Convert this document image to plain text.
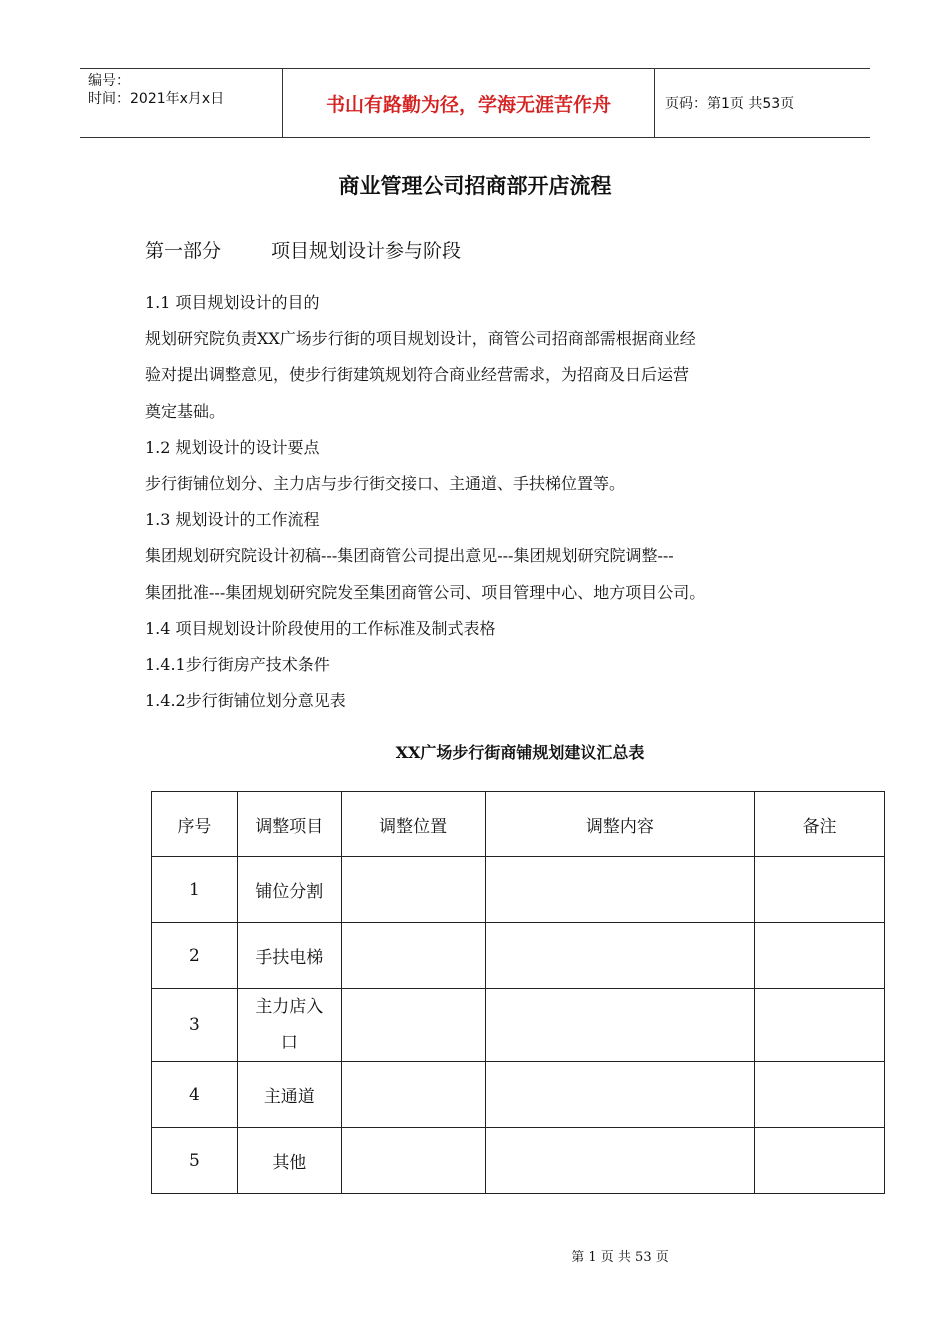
编号：
时间：2021年x月x日	书山有路勤为径，学海无涯苦作舟	页码：第1页 共53页
商业管理公司招商部开店流程
第一部分	项目规划设计参与阶段

1.1 项目规划设计的目的

规划研究院负责XX广场步行街的项目规划设计，商管公司招商部需根据商业经

验对提出调整意见，使步行街建筑规划符合商业经营需求，为招商及日后运营

奠定基础。

1.2 规划设计的设计要点

步行街铺位划分、主力店与步行街交接口、主通道、手扶梯位置等。

1.3 规划设计的工作流程

集团规划研究院设计初稿---集团商管公司提出意见---集团规划研究院调整---

集团批准---集团规划研究院发至集团商管公司、项目管理中心、地方项目公司。

1.4 项目规划设计阶段使用的工作标准及制式表格

1.4.1步行街房产技术条件

1.4.2步行街铺位划分意见表

XX广场步行街商铺规划建议汇总表
序号	调整项目	调整位置	调整内容	备注
1	铺位分割			
2	手扶电梯			
3	主力店入口			
4	主通道			
5	其他			
第 1 页 共 53 页
